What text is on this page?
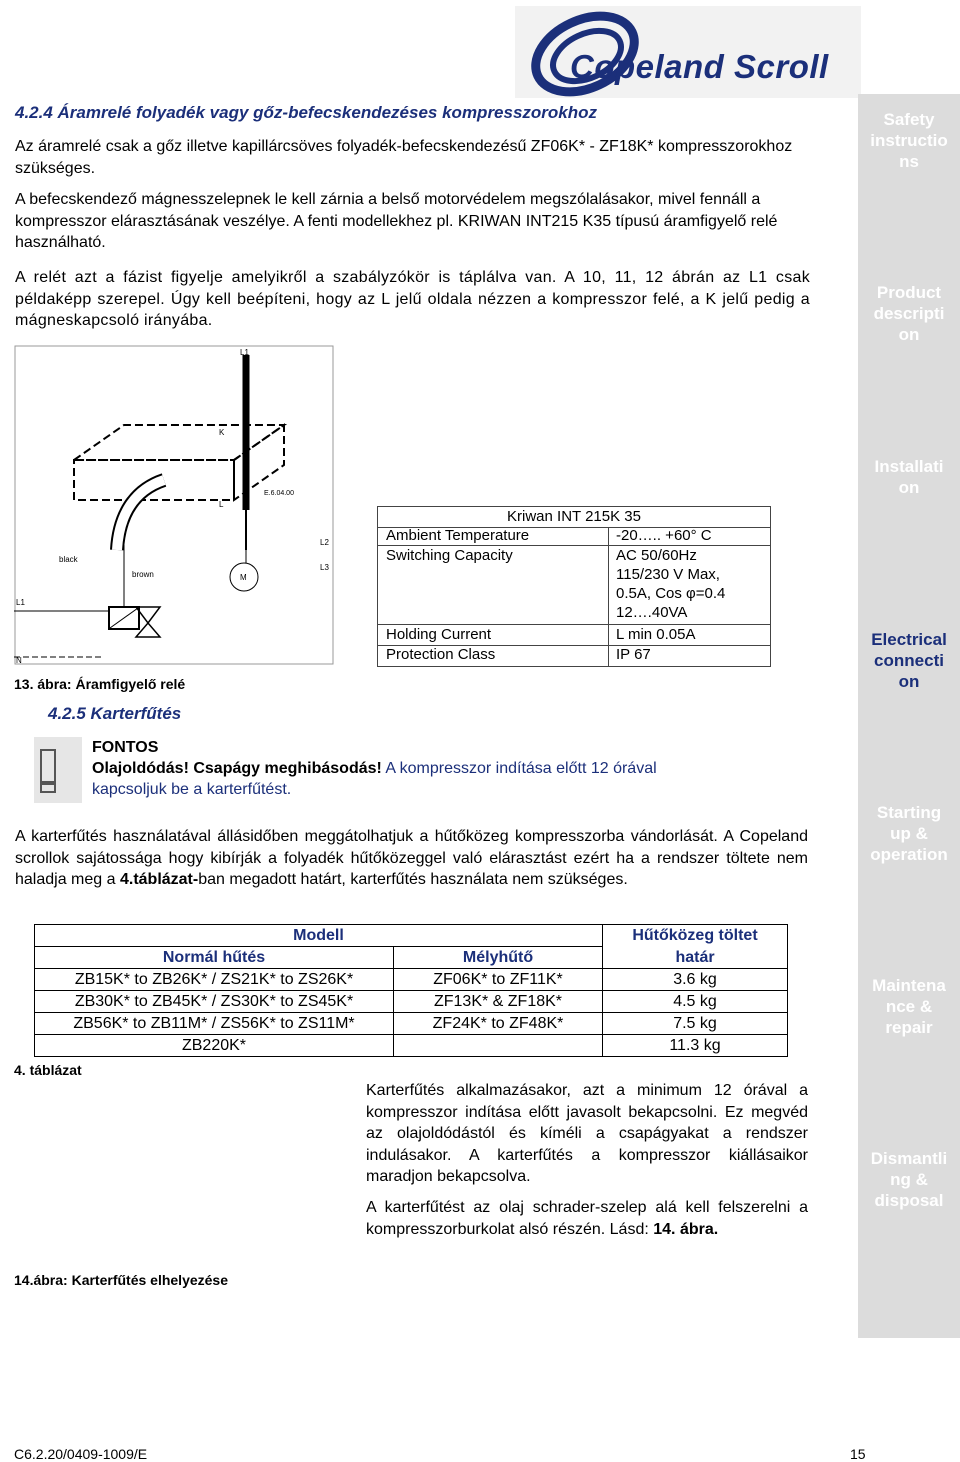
Copeland Scroll
4.2.4 Áramrelé folyadék vagy gőz-befecskendezéses kompresszorokhoz
Az áramrelé csak a gőz illetve kapillárcsöves folyadék-befecskendezésű ZF06K* - ZF18K* kompresszorokhoz szükséges.
A befecskendező mágnesszelepnek le kell zárnia a belső motorvédelem megszólalásakor, mivel fennáll a kompresszor elárasztásának veszélye. A fenti modellekhez pl. KRIWAN INT215 K35 típusú áramfigyelő relé használható.
A relét azt a fázist figyelje amelyikről a szabályzókör is táplálva van. A 10, 11, 12 ábrán az L1 csak példaképp szerepel. Úgy kell beépíteni, hogy az L jelű oldala nézzen a kompresszor felé, a K jelű pedig a mágneskapcsoló irányába.
L1
K
L
E.6.04.00
black
brown
L2
L3
M
L1
N
13. ábra: Áramfigyelő relé
Kriwan INT 215K 35
Ambient Temperature	-20….. +60° C
Switching Capacity	AC 50/60Hz
115/230 V Max,
0.5A, Cos φ=0.4
12….40VA
Holding Current	L min 0.05A
Protection Class	IP 67
4.2.5 Karterfűtés
FONTOS
Olajoldódás! Csapágy meghibásodás! A kompresszor indítása előtt 12 órával kapcsoljuk be a karterfűtést.
A karterfűtés használatával állásidőben meggátolhatjuk a hűtőközeg kompresszorba vándorlását. A Copeland scrollok sajátossága hogy kibírják a folyadék hűtőközeggel való elárasztást ezért ha a rendszer töltete nem haladja meg a 4.táblázat-ban megadott határt, karterfűtés használata nem szükséges.
Modell		Hűtőközeg töltet
Normál hűtés	Mélyhűtő	határ
ZB15K* to ZB26K* / ZS21K* to ZS26K*	ZF06K* to ZF11K*	3.6 kg
ZB30K* to ZB45K* / ZS30K* to ZS45K*	ZF13K* & ZF18K*	4.5 kg
ZB56K* to ZB11M* / ZS56K* to ZS11M*	ZF24K* to ZF48K*	7.5 kg
ZB220K*		11.3 kg
4. táblázat
Karterfűtés alkalmazásakor, azt a minimum 12 órával a kompresszor indítása előtt javasolt bekapcsolni. Ez megvéd az olajoldódástól és kíméli a csapágyakat a rendszer indulásakor. A karterfűtés a kompresszor kiállásaikor maradjon bekapcsolva.
A karterfűtést az olaj schrader-szelep alá kell felszerelni a kompresszorburkolat alsó részén. Lásd: 14. ábra.
14.ábra: Karterfűtés elhelyezése
Safety
instructio
ns
Product
descripti
on
Installati
on
Electrical
connecti
on
Starting
up &
operation
Maintena
nce &
repair
Dismantli
ng &
disposal
C6.2.20/0409-1009/E	15
